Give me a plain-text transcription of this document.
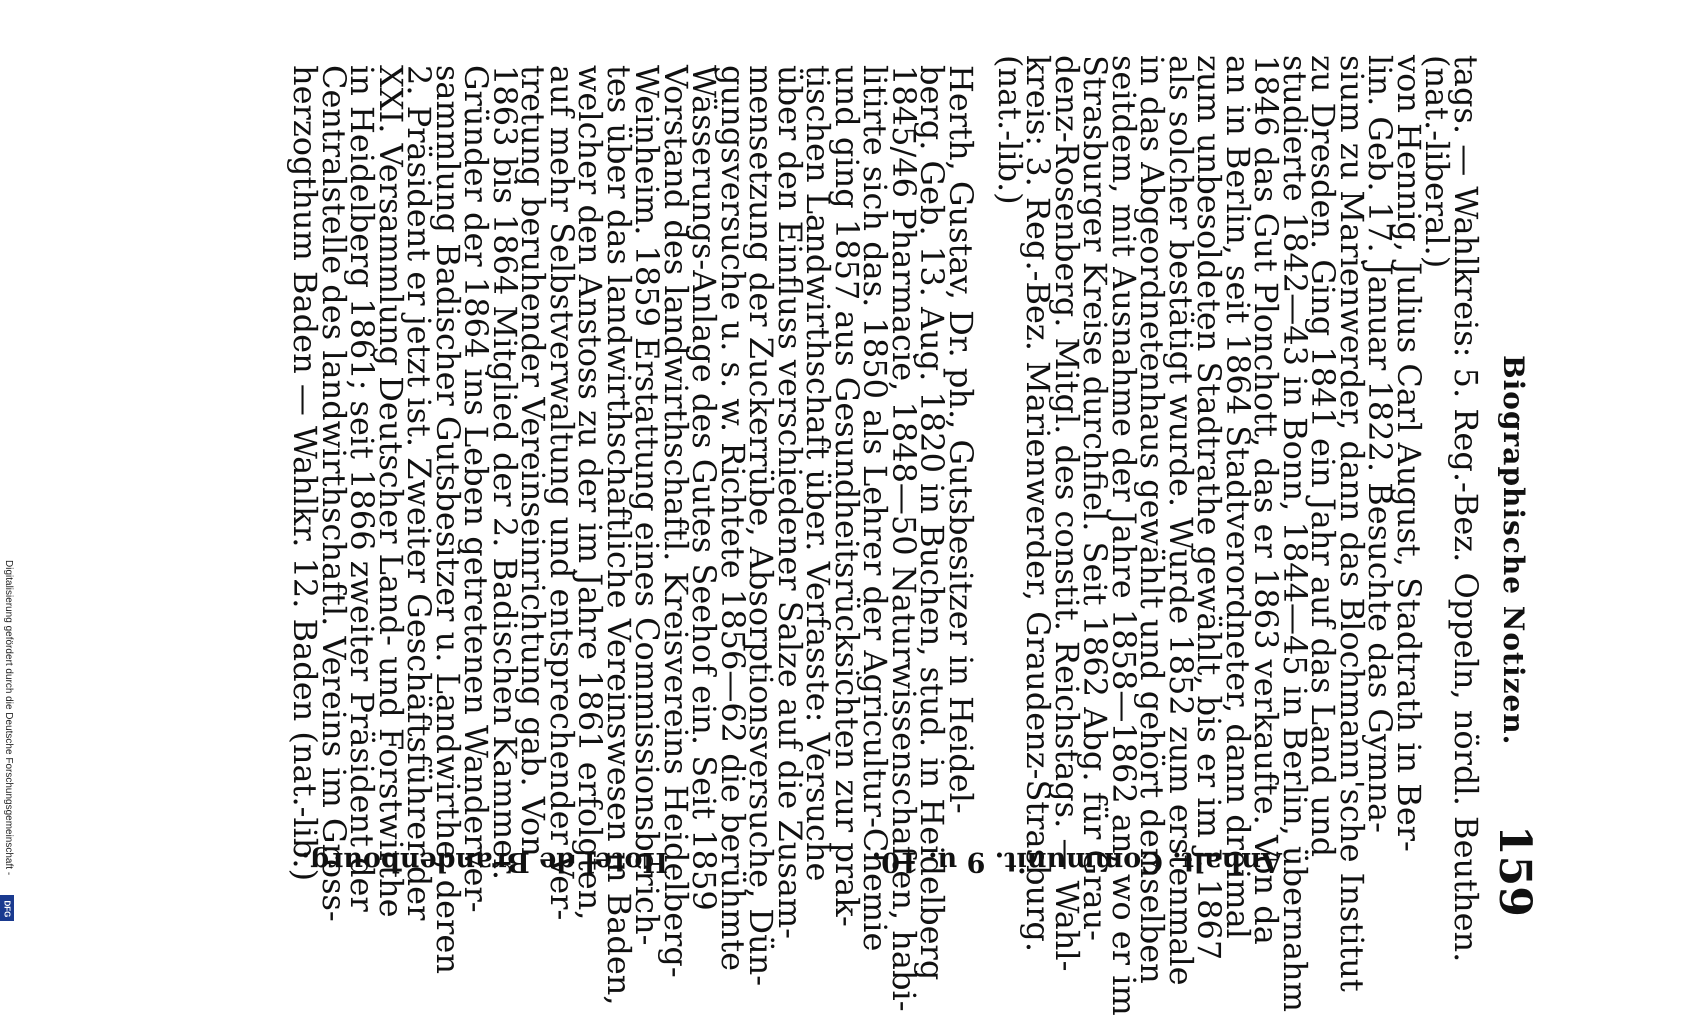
Biographische Notizen.
159
tags. — Wahlkreis: 5. Reg.-Bez. Oppeln, nördl. Beuthen.
(nat.-liberal.)
von Hennig, Julius Carl August, Stadtrath in Ber-
lin. Geb. 17. Januar 1822. Besuchte das Gymna-
sium zu Marienwerder, dann das Blochmann'sche Institut
zu Dresden. Ging 1841 ein Jahr auf das Land und
studierte 1842—43 in Bonn, 1844—45 in Berlin, übernahm
1846 das Gut Plonchott, das er 1863 verkaufte. Von da
an in Berlin, seit 1864 Stadtverordneter, dann dreimal
zum unbesoldeten Stadtrathe gewählt, bis er im J. 1867
als solcher bestätigt wurde. Wurde 1852 zum erstenmale
in das Abgeordnetenhaus gewählt und gehört demselben
seitdem, mit Ausnahme der Jahre 1858—1862 an, wo er im
Strasburger Kreise durchfiel. Seit 1862 Abg. für Grau-
denz-Rosenberg. Mitgl. des constit. Reichstags. — Wahl-
kreis: 3. Reg.-Bez. Marienwerder, Graudenz-Strasburg.
(nat.-lib.)
Herth, Gustav, Dr. ph., Gutsbesitzer in Heidel-
berg. Geb. 13. Aug. 1820 in Buchen, stud. in Heidelberg
1845/46 Pharmacie, 1848—50 Naturwissenschaften, habi-
litirte sich das. 1850 als Lehrer der Agricultur-Chemie
und ging 1857 aus Gesundheitsrücksichten zur prak-
tischen Landwirthschaft über. Verfasste: Versuche
über den Einfluss verschiedener Salze auf die Zusam-
mensetzung der Zuckerrübe, Absorptionsversuche, Dün-
gungsversuche u. s. w. Richtete 1856—62 die berühmte
Wässerungs-Anlage des Gutes Seehof ein. Seit 1859
Vorstand des landwirthschaftl. Kreisvereins Heidelberg-
Weinheim. 1859 Erstattung eines Commissionsberich-
tes über das landwirthschaftliche Vereinswesen in Baden,
welcher den Anstoss zu der im Jahre 1861 erfolgten,
auf mehr Selbstverwaltung und entsprechender Ver-
tretung beruhender Vereinseinrichtung gab. Von
1863 bis 1864 Mitglied der 2. Badischen Kammer.
Gründer der 1864 ins Leben getretenen Wanderver-
sammlung Badischer Gutsbesitzer u. Landwirthe, deren
2. Präsident er jetzt ist. Zweiter Geschäftsführer der
XXI. Versammlung Deutscher Land- und Forstwirthe
in Heidelberg 1861; seit 1866 zweiter Präsident der
Centralstelle des landwirthschaftl. Vereins im Gross-
herzogthum Baden — Wahlkr. 12. Baden (nat.-lib.)	Anhalt. Communit. 9 u. 10.
Hotel de Brandenbourg.
Digitalisierung gefördert durch die Deutsche Forschungsgemeinschaft -
DFG
